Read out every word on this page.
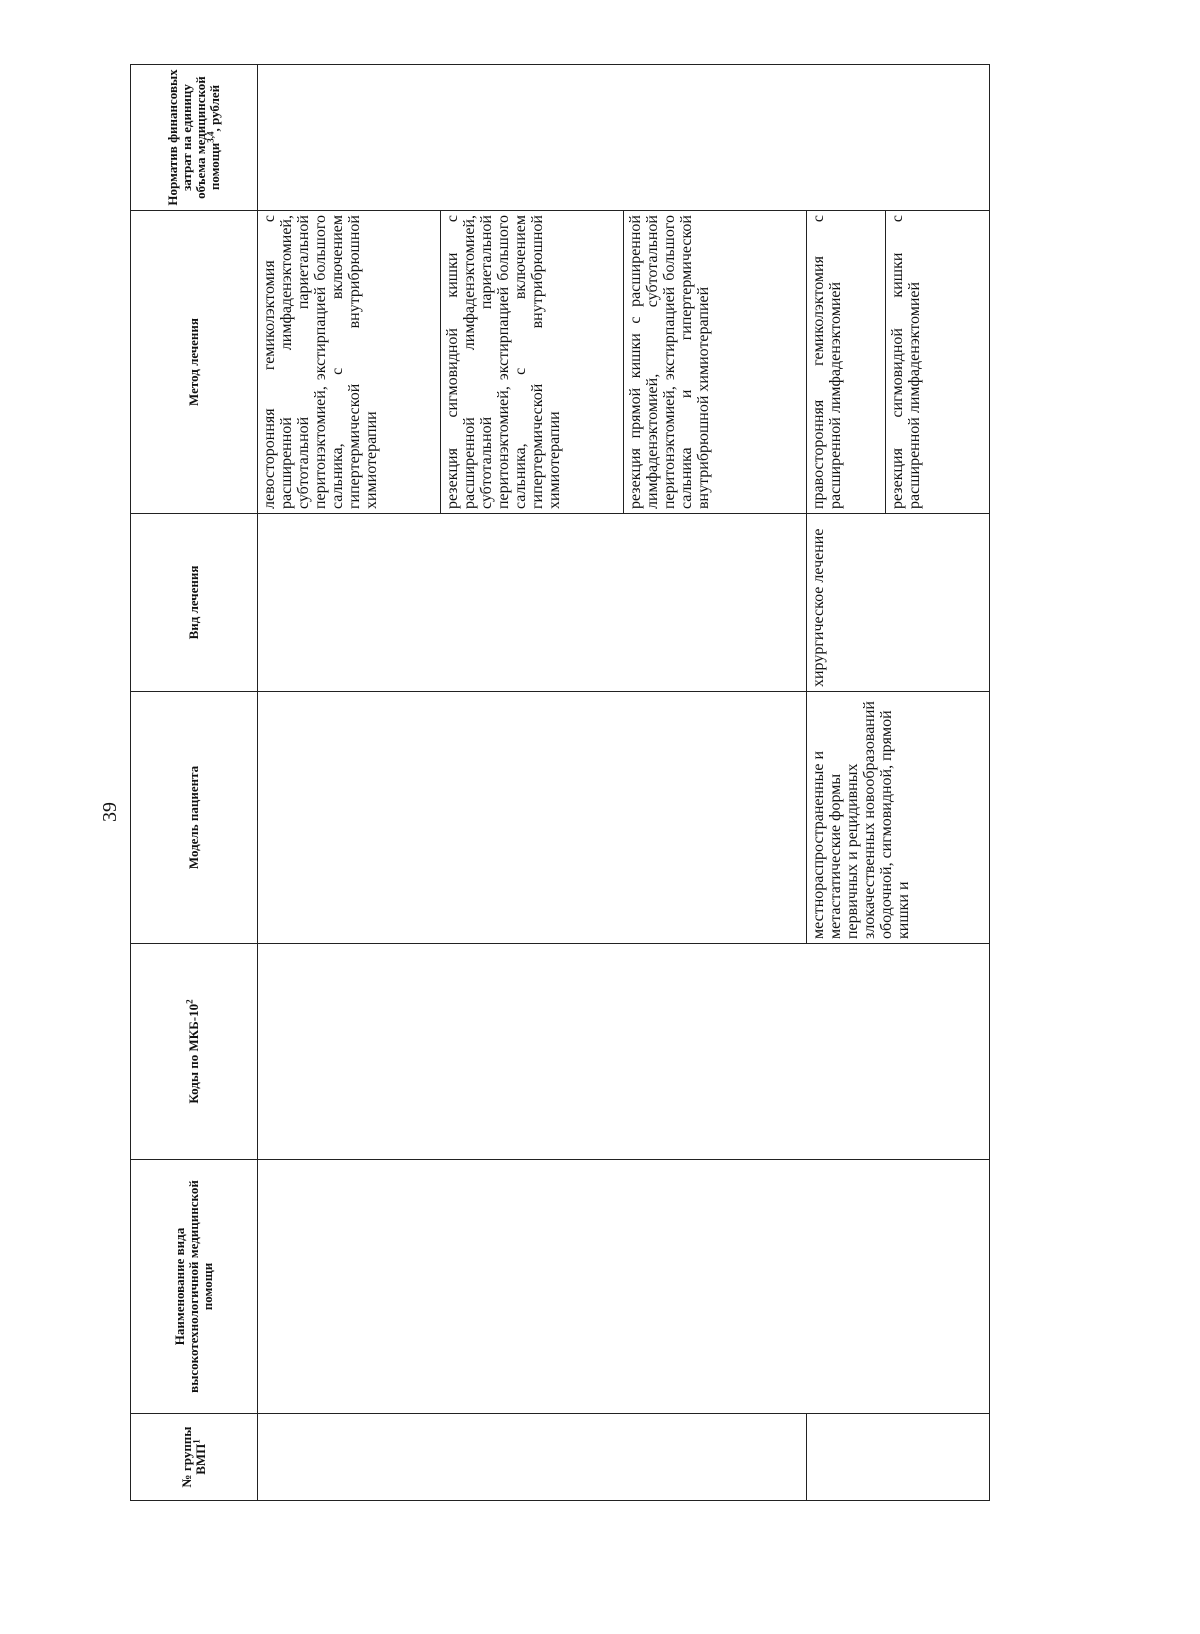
39
№ группы ВМП$^1$	Наименование вида высокотехнологичной медицинской помощи	Коды по МКБ-$10^2$	Модель пациента	Вид лечения	Метод лечения	Норматив финансовых затрат на единицу объема медицинской помощи$^{3,4}$, рублей
					левосторонняя гемиколэктомия с расширенной лимфаденэктомией, субтотальной париетальной перитонэктомией, экстирпацией большого сальника, с включением гипертермической внутрибрюшной химиотерапии	
					резекция сигмовидной кишки с расширенной лимфаденэктомией, субтотальной париетальной перитонэктомией, экстирпацией большого сальника, с включением гипертермической внутрибрюшной химиотерапии	
					резекция прямой кишки с расширенной лимфаденэктомией, субтотальной перитонэктомией, экстирпацией большого сальника и гипертермической внутрибрюшной химиотерапией	
			местнораспространенные и метастатические формы первичных и рецидивных злокачественных новообразований ободочной, сигмовидной, прямой кишки и	хирургическое лечение	правосторонняя гемиколэктомия с расширенной лимфаденэктомией	
					резекция сигмовидной кишки с расширенной лимфаденэктомией	
